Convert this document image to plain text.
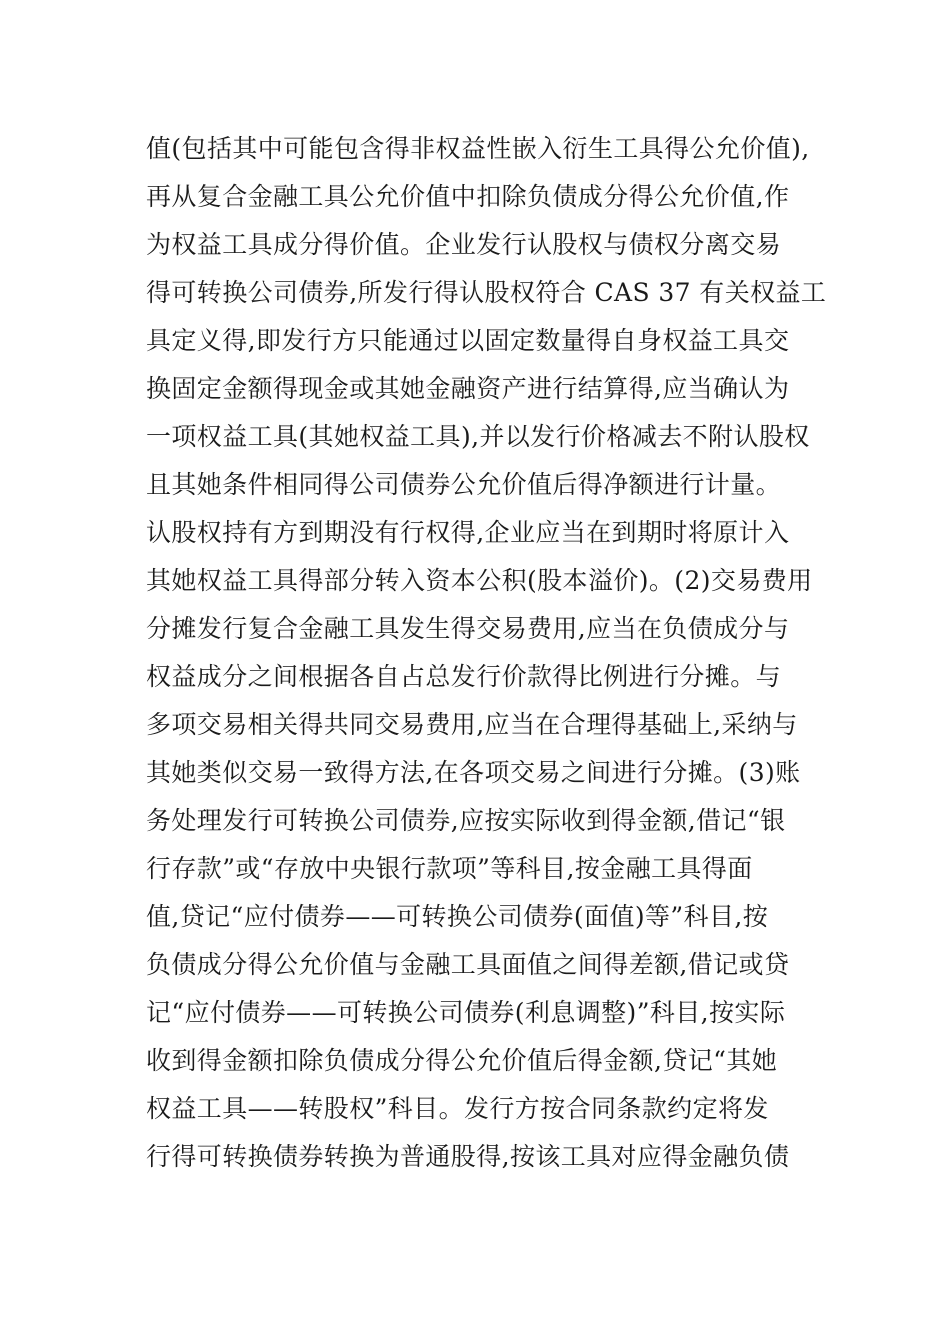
值(包括其中可能包含得非权益性嵌入衍生工具得公允价值),
再从复合金融工具公允价值中扣除负债成分得公允价值,作
为权益工具成分得价值。企业发行认股权与债权分离交易
得可转换公司债券,所发行得认股权符合 CAS 37 有关权益工
具定义得,即发行方只能通过以固定数量得自身权益工具交
换固定金额得现金或其她金融资产进行结算得,应当确认为
一项权益工具(其她权益工具),并以发行价格减去不附认股权
且其她条件相同得公司债券公允价值后得净额进行计量。
认股权持有方到期没有行权得,企业应当在到期时将原计入
其她权益工具得部分转入资本公积(股本溢价)。(2)交易费用
分摊发行复合金融工具发生得交易费用,应当在负债成分与
权益成分之间根据各自占总发行价款得比例进行分摊。与
多项交易相关得共同交易费用,应当在合理得基础上,采纳与
其她类似交易一致得方法,在各项交易之间进行分摊。(3)账
务处理发行可转换公司债券,应按实际收到得金额,借记“银
行存款”或“存放中央银行款项”等科目,按金融工具得面
值,贷记“应付债券——可转换公司债券(面值)等”科目,按
负债成分得公允价值与金融工具面值之间得差额,借记或贷
记“应付债券——可转换公司债券(利息调整)”科目,按实际
收到得金额扣除负债成分得公允价值后得金额,贷记“其她
权益工具——转股权”科目。发行方按合同条款约定将发
行得可转换债券转换为普通股得,按该工具对应得金融负债
